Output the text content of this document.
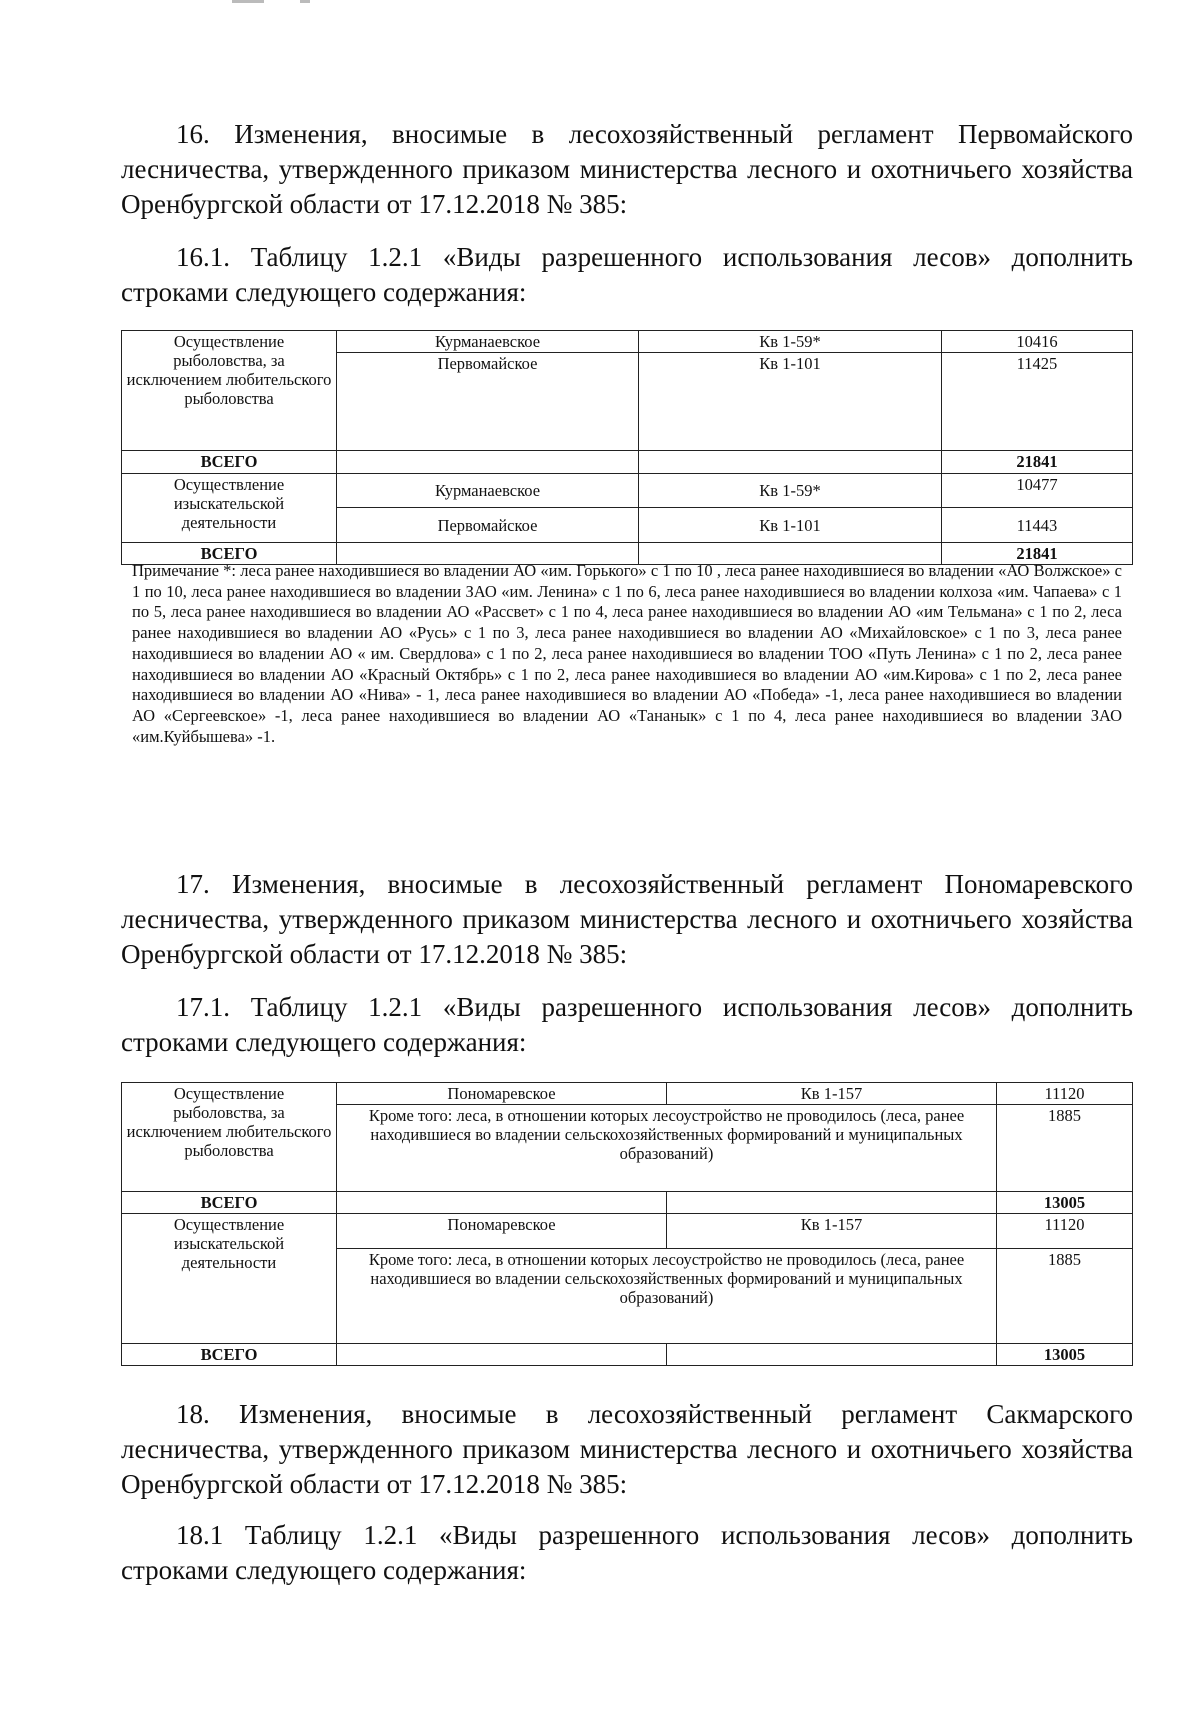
16. Изменения, вносимые в лесохозяйственный регламент Первомайского лесничества, утвержденного приказом министерства лесного и охотничьего хозяйства Оренбургской области от 17.12.2018 № 385:

16.1. Таблицу 1.2.1 «Виды разрешенного использования лесов» дополнить строками следующего содержания:

Осуществление рыболовства, за исключением любительского рыболовства	Курманаевское	Кв 1-59*	10416
	Первомайское	Кв 1-101	11425
ВСЕГО			21841
Осуществление изыскательской деятельности	Курманаевское	Кв 1-59*	10477
	Первомайское	Кв 1-101	11443
ВСЕГО			21841

Примечание *: леса ранее находившиеся во владении АО «им. Горького» с 1 по 10 , леса ранее находившиеся во владении «АО Волжское» с 1 по 10, леса ранее находившиеся во владении ЗАО «им. Ленина» с 1 по 6, леса ранее находившиеся во владении колхоза «им. Чапаева» с 1 по 5, леса ранее находившиеся во владении АО «Рассвет» с 1 по 4, леса ранее находившиеся во владении АО «им Тельмана» с 1 по 2, леса ранее находившиеся во владении АО «Русь» с 1 по 3, леса ранее находившиеся во владении АО «Михайловское» с 1 по 3, леса ранее находившиеся во владении АО « им. Свердлова» с 1 по 2, леса ранее находившиеся во владении ТОО «Путь Ленина» с 1 по 2, леса ранее находившиеся во владении АО «Красный Октябрь» с 1 по 2, леса ранее находившиеся во владении АО «им.Кирова» с 1 по 2, леса ранее находившиеся во владении АО «Нива» - 1, леса ранее находившиеся во владении АО «Победа» -1, леса ранее находившиеся во владении АО «Сергеевское» -1, леса ранее находившиеся во владении АО «Тананык» с 1 по 4, леса ранее находившиеся во владении ЗАО «им.Куйбышева» -1.

17. Изменения, вносимые в лесохозяйственный регламент Пономаревского лесничества, утвержденного приказом министерства лесного и охотничьего хозяйства Оренбургской области от 17.12.2018 № 385:

17.1. Таблицу 1.2.1 «Виды разрешенного использования лесов» дополнить строками следующего содержания:

Осуществление рыболовства, за исключением любительского рыболовства	Пономаревское	Кв 1-157	11120
	Кроме того: леса, в отношении которых лесоустройство не проводилось (леса, ранее находившиеся во владении сельскохозяйственных формирований и муниципальных образований)		1885
ВСЕГО			13005
Осуществление изыскательской деятельности	Пономаревское	Кв 1-157	11120
	Кроме того: леса, в отношении которых лесоустройство не проводилось (леса, ранее находившиеся во владении сельскохозяйственных формирований и муниципальных образований)		1885
ВСЕГО			13005

18. Изменения, вносимые в лесохозяйственный регламент Сакмарского лесничества, утвержденного приказом министерства лесного и охотничьего хозяйства Оренбургской области от 17.12.2018 № 385:

18.1 Таблицу 1.2.1 «Виды разрешенного использования лесов» дополнить строками следующего содержания:
